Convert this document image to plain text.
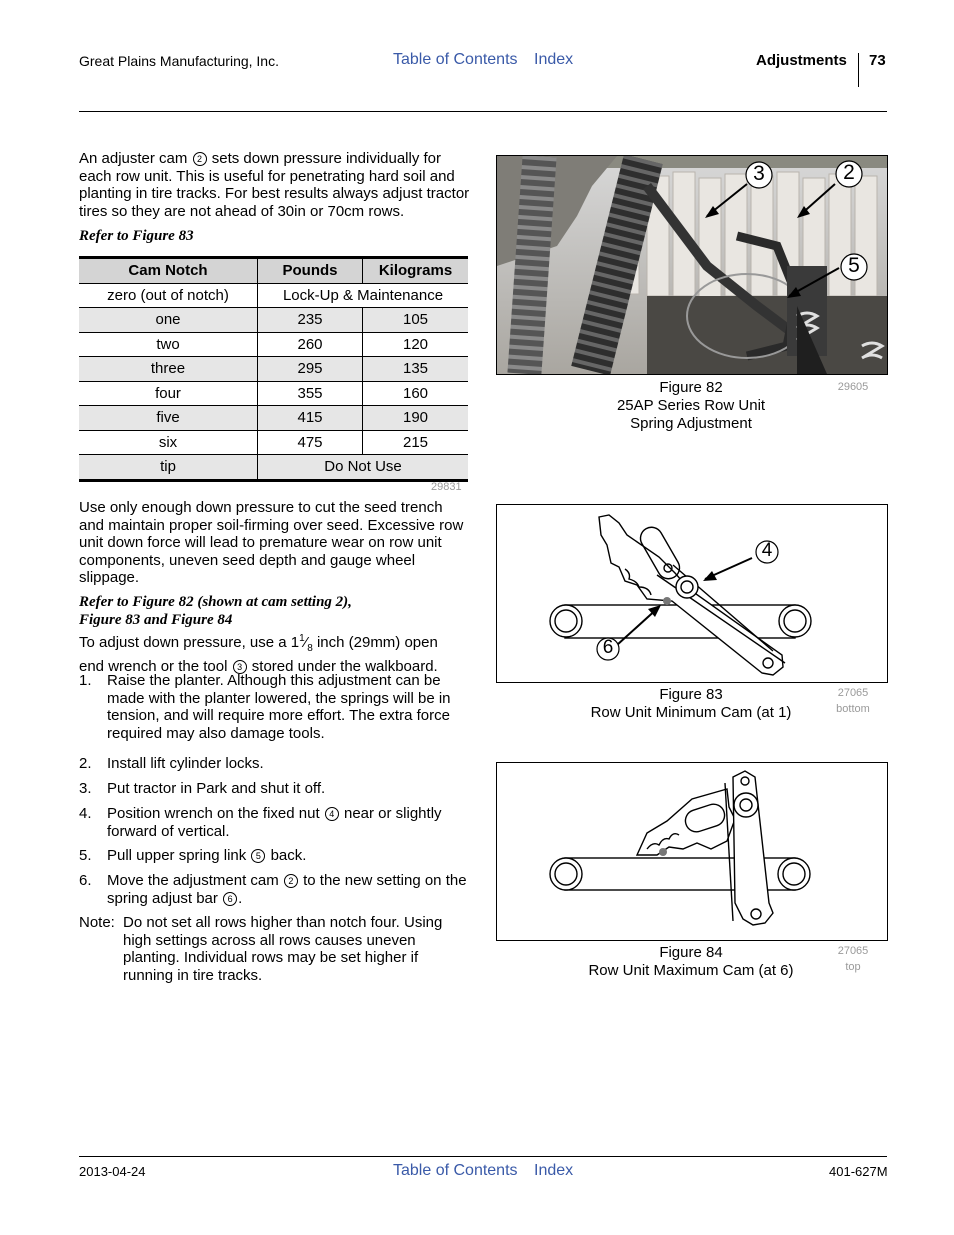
Great Plains Manufacturing, Inc.	Table of Contents Index	Adjustments 73
An adjuster cam 2 sets down pressure individually for each row unit. This is useful for penetrating hard soil and planting in tire tracks. For best results always adjust tractor tires so they are not ahead of 30in or 70cm rows.
Refer to Figure 83
Cam Notch	Pounds	Kilograms
zero (out of notch)	Lock-Up & Maintenance	
one	235	105
two	260	120
three	295	135
four	355	160
five	415	190
six	475	215
tip	Do Not Use	
29831
Use only enough down pressure to cut the seed trench and maintain proper soil-firming over seed. Excessive row unit down force will lead to premature wear on row unit components, uneven seed depth and gauge wheel slippage.
Refer to Figure 82 (shown at cam setting 2),
Figure 83 and Figure 84
To adjust down pressure, use a $1^1⁄_8$ inch (29mm) open
end wrench or the tool 3 stored under the walkboard.
1. Raise the planter. Although this adjustment can be made with the planter lowered, the springs will be in tension, and will require more effort. The extra force required may also damage tools.
2. Install lift cylinder locks.
3. Put tractor in Park and shut it off.
4. Position wrench on the fixed nut 4 near or slightly forward of vertical.
5. Pull upper spring link 5 back.
6. Move the adjustment cam 2 to the new setting on the spring adjust bar 6 .
Note: Do not set all rows higher than notch four. Using high settings across all rows causes uneven planting. Individual rows may be set higher if running in tire tracks.
3	2
5
Figure 82
25AP Series Row Unit
Spring Adjustment
29605
4
6
Figure 83
Row Unit Minimum Cam (at 1)
27065
bottom
Figure 84
Row Unit Maximum Cam (at 6)
27065
top
2013-04-24	Table of Contents Index	401-627M
